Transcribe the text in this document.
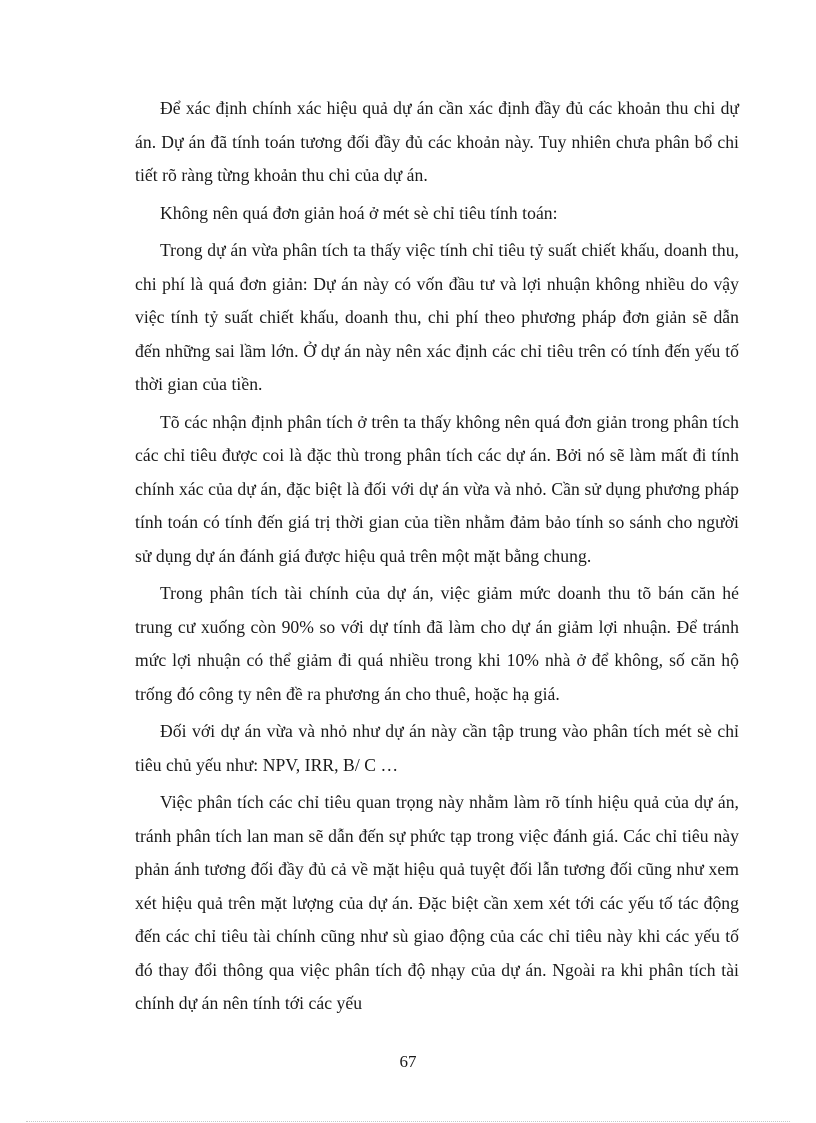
Để xác định chính xác hiệu quả dự án cần xác định đầy đủ các khoản thu chi dự án. Dự án đã tính toán tương đối đầy đủ các khoản này. Tuy nhiên chưa phân bổ chi tiết rõ ràng từng khoản thu chi của dự án.

Không nên quá đơn giản hoá ở mét sè chỉ tiêu tính toán:

Trong dự án vừa phân tích ta thấy việc tính chỉ tiêu tỷ suất chiết khấu, doanh thu, chi phí là quá đơn giản: Dự án này có vốn đầu tư và lợi nhuận không nhiều do vậy việc tính tỷ suất chiết khấu, doanh thu, chi phí theo phương pháp đơn giản sẽ dẫn đến những sai lầm lớn. Ở dự án này nên xác định các chỉ tiêu trên có tính đến yếu tố thời gian của tiền.

Tõ các nhận định phân tích ở trên ta thấy không nên quá đơn giản trong phân tích các chỉ tiêu được coi là đặc thù trong phân tích các dự án. Bởi nó sẽ làm mất đi tính chính xác của dự án, đặc biệt là đối với dự án vừa và nhỏ. Cần sử dụng phương pháp tính toán có tính đến giá trị thời gian của tiền nhằm đảm bảo tính so sánh cho người sử dụng dự án đánh giá được hiệu quả trên một mặt bằng chung.

Trong phân tích tài chính của dự án, việc giảm mức doanh thu tõ bán căn hé trung cư xuống còn 90% so với dự tính đã làm cho dự án giảm lợi nhuận. Để tránh mức lợi nhuận có thể giảm đi quá nhiều trong khi 10% nhà ở để không, số căn hộ trống đó công ty nên đề ra phương án cho thuê, hoặc hạ giá.

Đối với dự án vừa và nhỏ như dự án này cần tập trung vào phân tích mét sè chỉ tiêu chủ yếu như: NPV, IRR, B/ C …

Việc phân tích các chỉ tiêu quan trọng này nhằm làm rõ tính hiệu quả của dự án, tránh phân tích lan man sẽ dẫn đến sự phức tạp trong việc đánh giá. Các chỉ tiêu này phản ánh tương đối đầy đủ cả về mặt hiệu quả tuyệt đối lẫn tương đối cũng như xem xét hiệu quả trên mặt lượng của dự án. Đặc biệt cần xem xét tới các yếu tố tác động đến các chỉ tiêu tài chính cũng như sù giao động của các chỉ tiêu này khi các yếu tố đó thay đổi thông qua việc phân tích độ nhạy của dự án. Ngoài ra khi phân tích tài chính dự án nên tính tới các yếu

67
